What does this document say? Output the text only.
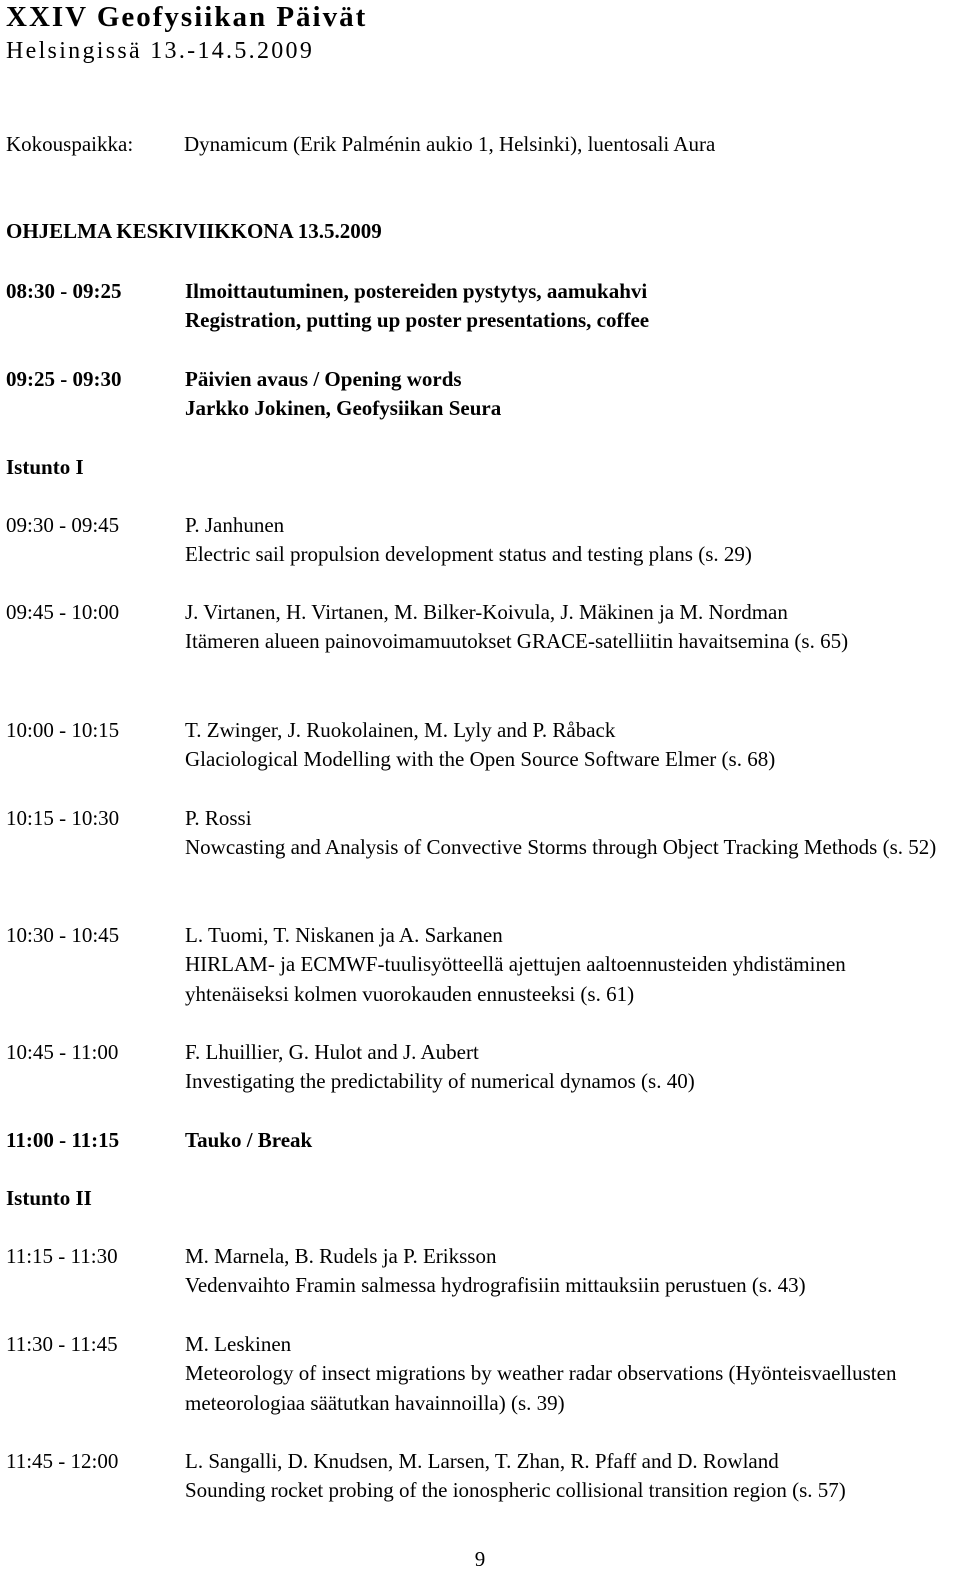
XXIV Geofysiikan Päivät
Helsingissä 13.-14.5.2009
Kokouspaikka: Dynamicum (Erik Palménin aukio 1, Helsinki), luentosali Aura
OHJELMA KESKIVIIKKONA 13.5.2009
08:30 - 09:25	Ilmoittautuminen, postereiden pystytys, aamukahvi
Registration, putting up poster presentations, coffee
09:25 - 09:30	Päivien avaus / Opening words
Jarkko Jokinen, Geofysiikan Seura
Istunto I
09:30 - 09:45	P. Janhunen
Electric sail propulsion development status and testing plans (s. 29)
09:45 - 10:00	J. Virtanen, H. Virtanen, M. Bilker-Koivula, J. Mäkinen ja M. Nordman
Itämeren alueen painovoimamuutokset GRACE-satelliitin havaitsemina (s. 65)
10:00 - 10:15	T. Zwinger, J. Ruokolainen, M. Lyly and P. Råback
Glaciological Modelling with the Open Source Software Elmer (s. 68)
10:15 - 10:30	P. Rossi
Nowcasting and Analysis of Convective Storms through Object Tracking Methods (s. 52)
10:30 - 10:45	L. Tuomi, T. Niskanen ja A. Sarkanen
HIRLAM- ja ECMWF-tuulisyötteellä ajettujen aaltoennusteiden yhdistäminen yhtenäiseksi kolmen vuorokauden ennusteeksi (s. 61)
10:45 - 11:00	F. Lhuillier, G. Hulot and J. Aubert
Investigating the predictability of numerical dynamos (s. 40)
11:00 - 11:15	Tauko / Break
Istunto II
11:15 - 11:30	M. Marnela, B. Rudels ja P. Eriksson
Vedenvaihto Framin salmessa hydrografisiin mittauksiin perustuen (s. 43)
11:30 - 11:45	M. Leskinen
Meteorology of insect migrations by weather radar observations (Hyönteisvaellusten meteorologiaa säätutkan havainnoilla) (s. 39)
11:45 - 12:00	L. Sangalli, D. Knudsen, M. Larsen, T. Zhan, R. Pfaff and D. Rowland
Sounding rocket probing of the ionospheric collisional transition region (s. 57)
9
